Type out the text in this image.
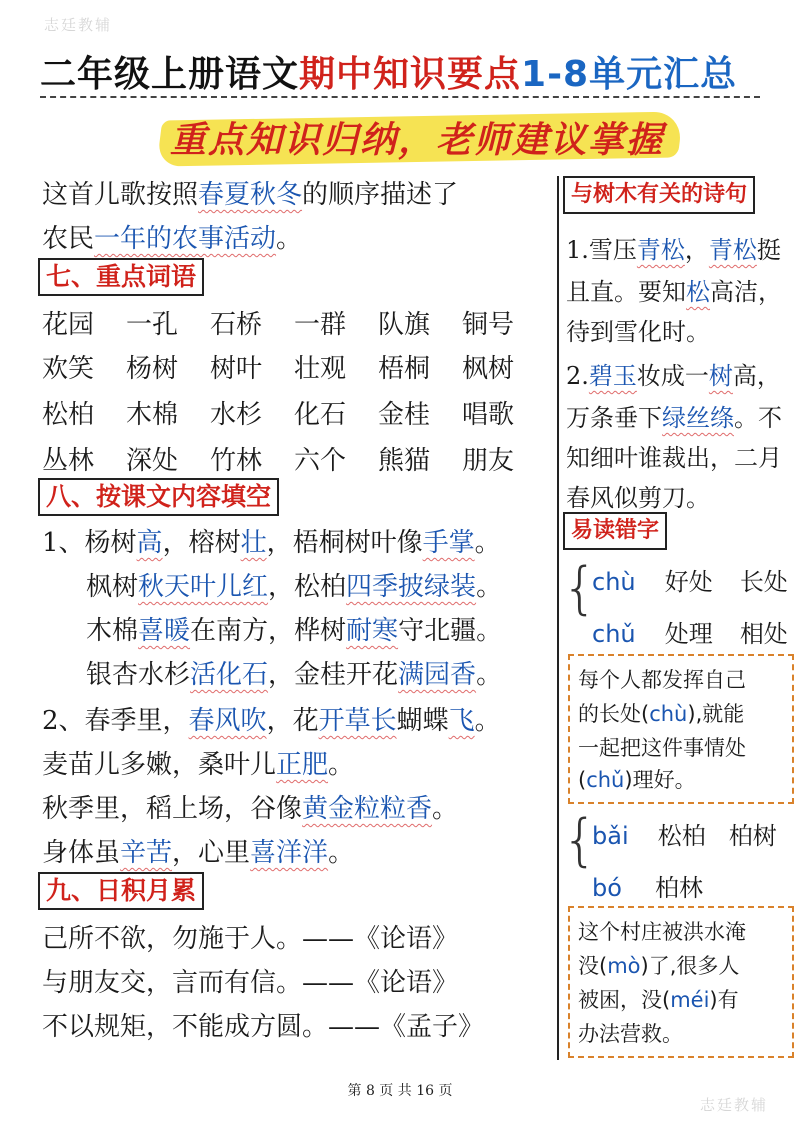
志廷教辅
志廷教辅
二年级上册语文期中知识要点1-8单元汇总
重点知识归纳，老师建议掌握
这首儿歌按照春夏秋冬的顺序描述了
农民一年的农事活动。
七、重点词语
花园	一孔	石桥	一群	队旗	铜号
欢笑	杨树	树叶	壮观	梧桐	枫树
松柏	木棉	水杉	化石	金桂	唱歌
丛林	深处	竹林	六个	熊猫	朋友
八、按课文内容填空
1、杨树高，榕树壮，梧桐树叶像手掌。
枫树秋天叶儿红，松柏四季披绿装。
木棉喜暖在南方，桦树耐寒守北疆。
银杏水杉活化石，金桂开花满园香。
2、春季里，春风吹，花开草长蝴蝶飞。
麦苗儿多嫩，桑叶儿正肥。
秋季里，稻上场，谷像黄金粒粒香。
身体虽辛苦，心里喜洋洋。
九、日积月累
己所不欲，勿施于人。——《论语》
与朋友交，言而有信。——《论语》
不以规矩，不能成方圆。——《孟子》
与树木有关的诗句
1.雪压青松，青松挺
且直。要知松高洁，
待到雪化时。
2.碧玉妆成一树高，
万条垂下绿丝绦。不
知细叶谁裁出，二月
春风似剪刀。
易读错字
{
chù 好处 长处
chǔ 处理 相处
每个人都发挥自己
的长处(chù),就能
一起把这件事情处
(chǔ)理好。
{
bǎi 松柏 柏树
bó 柏林
这个村庄被洪水淹
没(mò)了,很多人
被困，没(méi)有
办法营救。
第 8 页 共 16 页
